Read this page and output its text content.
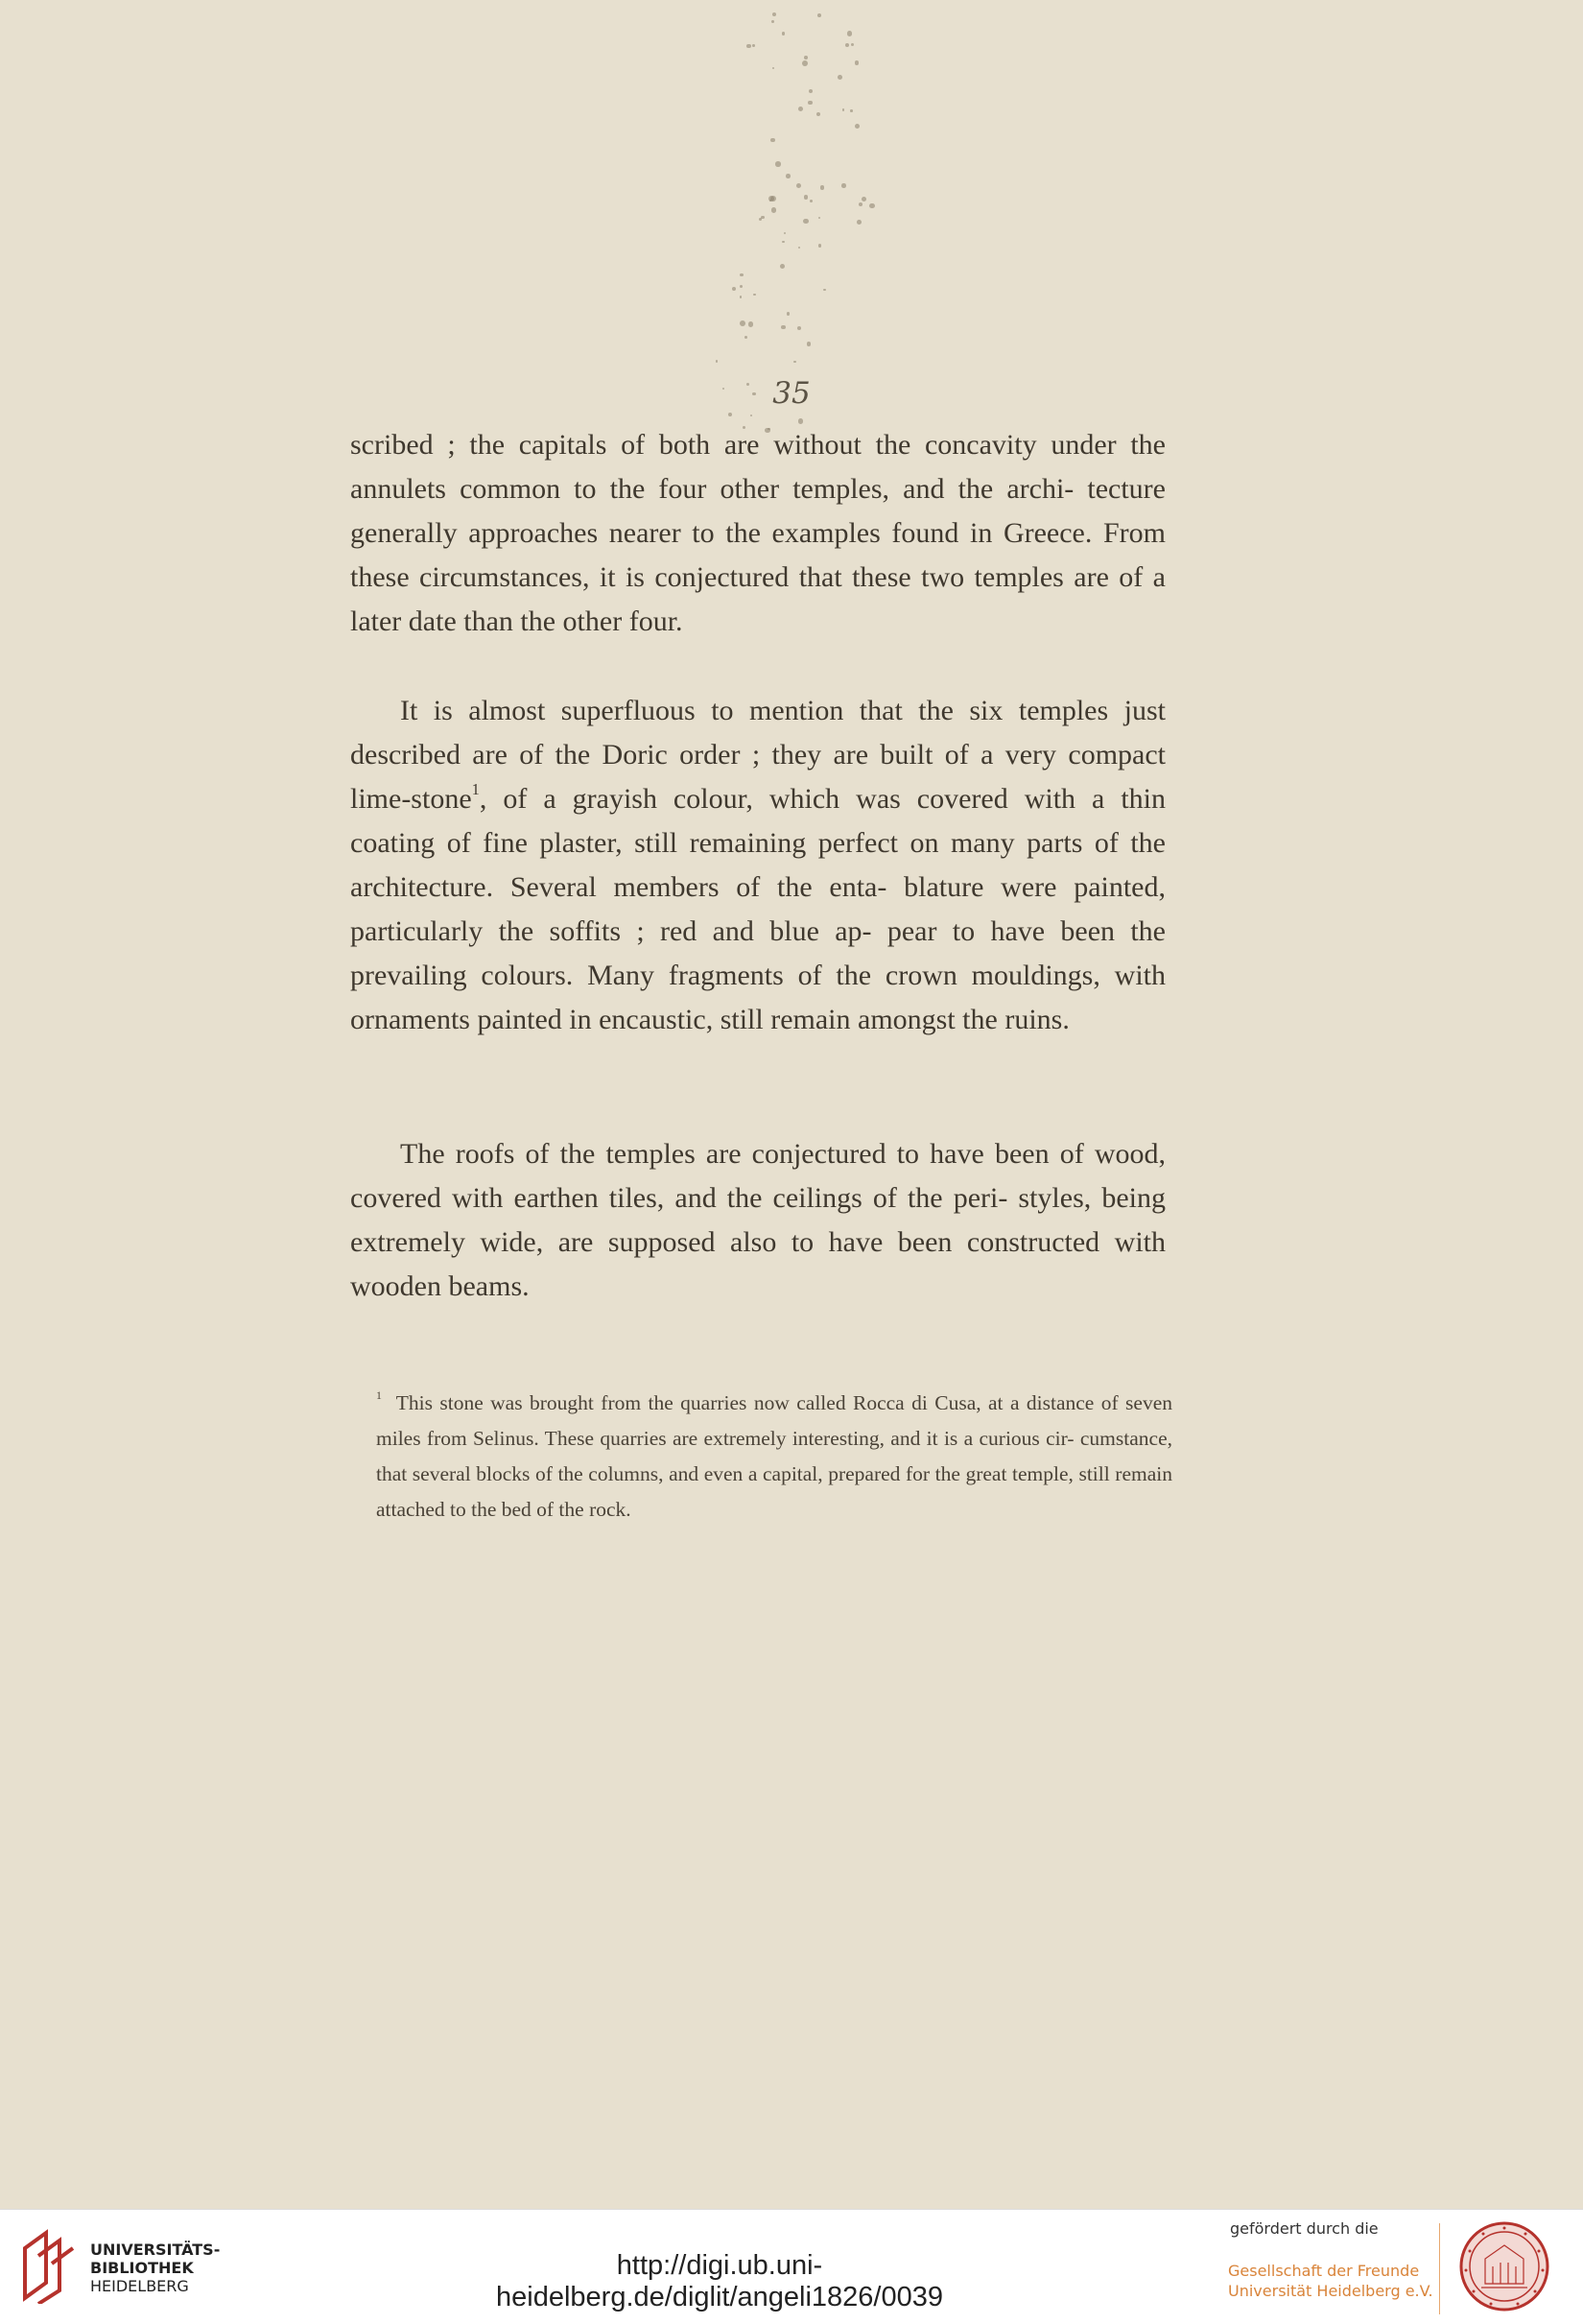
35
scribed ; the capitals of both are without the concavity under the annulets common to the four other temples, and the archi- tecture generally approaches nearer to the examples found in Greece. From these circumstances, it is conjectured that these two temples are of a later date than the other four.
It is almost superfluous to mention that the six temples just described are of the Doric order ; they are built of a very compact lime-stone$^1$, of a grayish colour, which was covered with a thin coating of fine plaster, still remaining perfect on many parts of the architecture. Several members of the enta- blature were painted, particularly the soffits ; red and blue ap- pear to have been the prevailing colours. Many fragments of the crown mouldings, with ornaments painted in encaustic, still remain amongst the ruins.
The roofs of the temples are conjectured to have been of wood, covered with earthen tiles, and the ceilings of the peri- styles, being extremely wide, are supposed also to have been constructed with wooden beams.
$^1$ This stone was brought from the quarries now called Rocca di Cusa, at a distance of seven miles from Selinus. These quarries are extremely interesting, and it is a curious cir- cumstance, that several blocks of the columns, and even a capital, prepared for the great temple, still remain attached to the bed of the rock.
UNIVERSITÄTS-
BIBLIOTHEK
HEIDELBERG
http://digi.ub.uni-heidelberg.de/diglit/angeli1826/0039
gefördert durch die
Gesellschaft der Freunde
Universität Heidelberg e.V.
